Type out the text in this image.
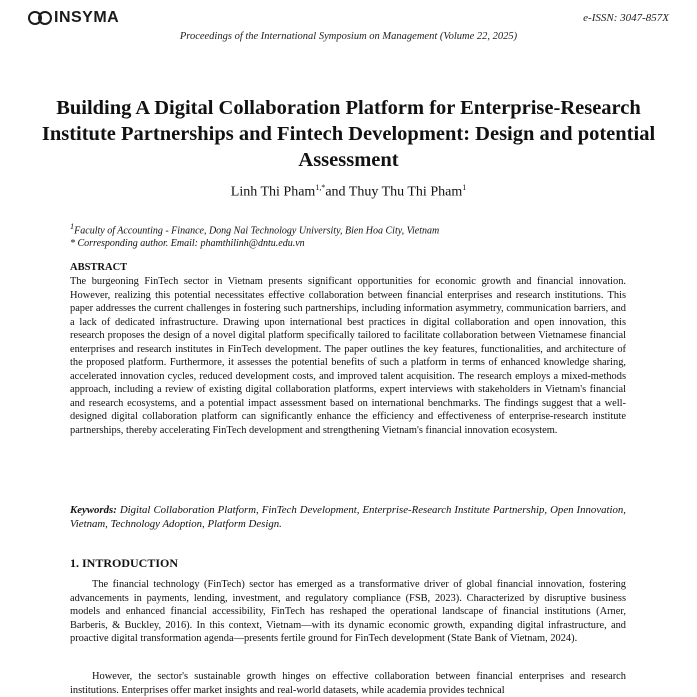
INSYMA	e-ISSN: 3047-857X
Proceedings of the International Symposium on Management (Volume 22, 2025)
Building A Digital Collaboration Platform for Enterprise-Research Institute Partnerships and Fintech Development: Design and potential Assessment
Linh Thi Pham$^{1,*}$and Thuy Thu Thi Pham$^1$
$^1$Faculty of Accounting - Finance, Dong Nai Technology University, Bien Hoa City, Vietnam
* Corresponding author. Email: phamthilinh@dntu.edu.vn
ABSTRACT
The burgeoning FinTech sector in Vietnam presents significant opportunities for economic growth and financial innovation. However, realizing this potential necessitates effective collaboration between financial enterprises and research institutions. This paper addresses the current challenges in fostering such partnerships, including information asymmetry, communication barriers, and a lack of dedicated infrastructure. Drawing upon international best practices in digital collaboration and open innovation, this research proposes the design of a novel digital platform specifically tailored to facilitate collaboration between Vietnamese financial enterprises and research institutes in FinTech development. The paper outlines the key features, functionalities, and architecture of the proposed platform. Furthermore, it assesses the potential benefits of such a platform in terms of enhanced knowledge sharing, accelerated innovation cycles, reduced development costs, and improved talent acquisition. The research employs a mixed-methods approach, including a review of existing digital collaboration platforms, expert interviews with stakeholders in Vietnam's financial and research ecosystems, and a potential impact assessment based on international benchmarks. The findings suggest that a well-designed digital collaboration platform can significantly enhance the efficiency and effectiveness of enterprise-research institute partnerships, thereby accelerating FinTech development and strengthening Vietnam's financial innovation ecosystem.
Keywords: Digital Collaboration Platform, FinTech Development, Enterprise-Research Institute Partnership, Open Innovation, Vietnam, Technology Adoption, Platform Design.
1. INTRODUCTION
The financial technology (FinTech) sector has emerged as a transformative driver of global financial innovation, fostering advancements in payments, lending, investment, and regulatory compliance (FSB, 2023). Characterized by disruptive business models and enhanced financial accessibility, FinTech has reshaped the operational landscape of financial institutions (Arner, Barberis, & Buckley, 2016). In this context, Vietnam—with its dynamic economic growth, expanding digital infrastructure, and proactive digital transformation agenda—presents fertile ground for FinTech development (State Bank of Vietnam, 2024).
However, the sector's sustainable growth hinges on effective collaboration between financial enterprises and research institutions. Enterprises offer market insights and real-world datasets, while academia provides technical
